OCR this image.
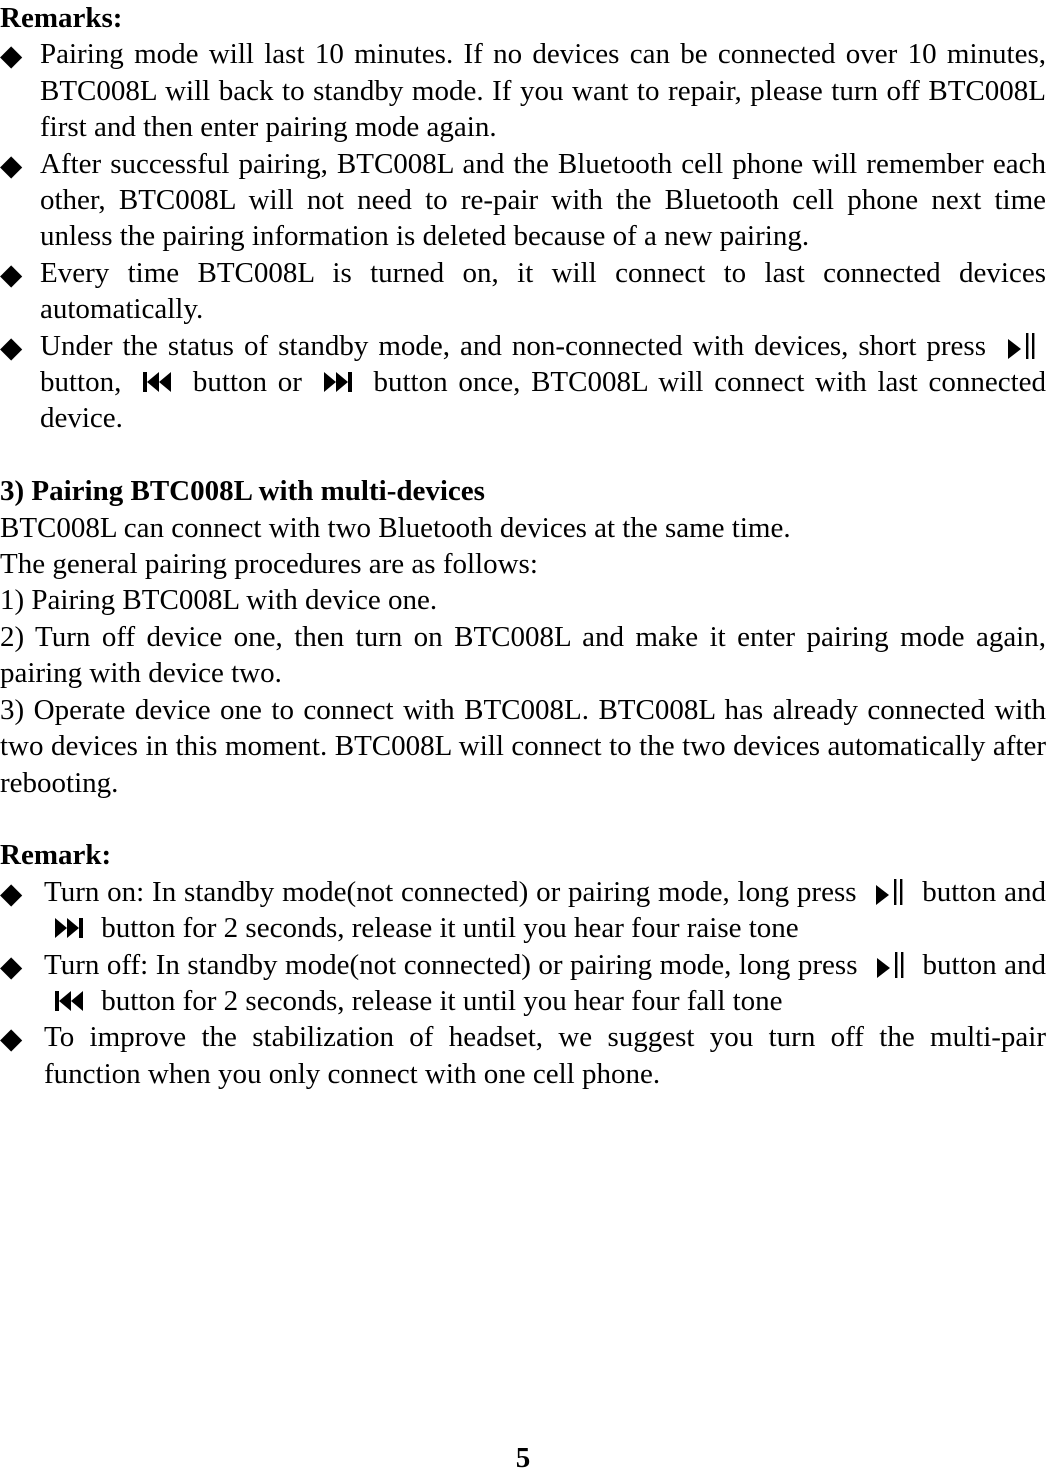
Remarks:

◆ Pairing mode will last 10 minutes. If no devices can be connected over 10 minutes, BTC008L will back to standby mode. If you want to repair, please turn off BTC008L first and then enter pairing mode again.
◆ After successful pairing, BTC008L and the Bluetooth cell phone will remember each other, BTC008L will not need to re-pair with the Bluetooth cell phone next time unless the pairing information is deleted because of a new pairing.
◆ Every time BTC008L is turned on, it will connect to last connected devices automatically.
◆ Under the status of standby mode, and non-connected with devices, short press  button, button or button once, BTC008L will connect with last connected device.

3) Pairing BTC008L with multi-devices

BTC008L can connect with two Bluetooth devices at the same time.

The general pairing procedures are as follows:

1) Pairing BTC008L with device one.

2) Turn off device one, then turn on BTC008L and make it enter pairing mode again, pairing with device two.

3) Operate device one to connect with BTC008L. BTC008L has already connected with two devices in this moment. BTC008L will connect to the two devices automatically after rebooting.

Remark:

◆ Turn on: In standby mode(not connected) or pairing mode, long press button and  button for 2 seconds, release it until you hear four raise tone
◆ Turn off: In standby mode(not connected) or pairing mode, long press button and  button for 2 seconds, release it until you hear four fall tone
◆ To improve the stabilization of headset, we suggest you turn off the multi-pair function when you only connect with one cell phone.
5
